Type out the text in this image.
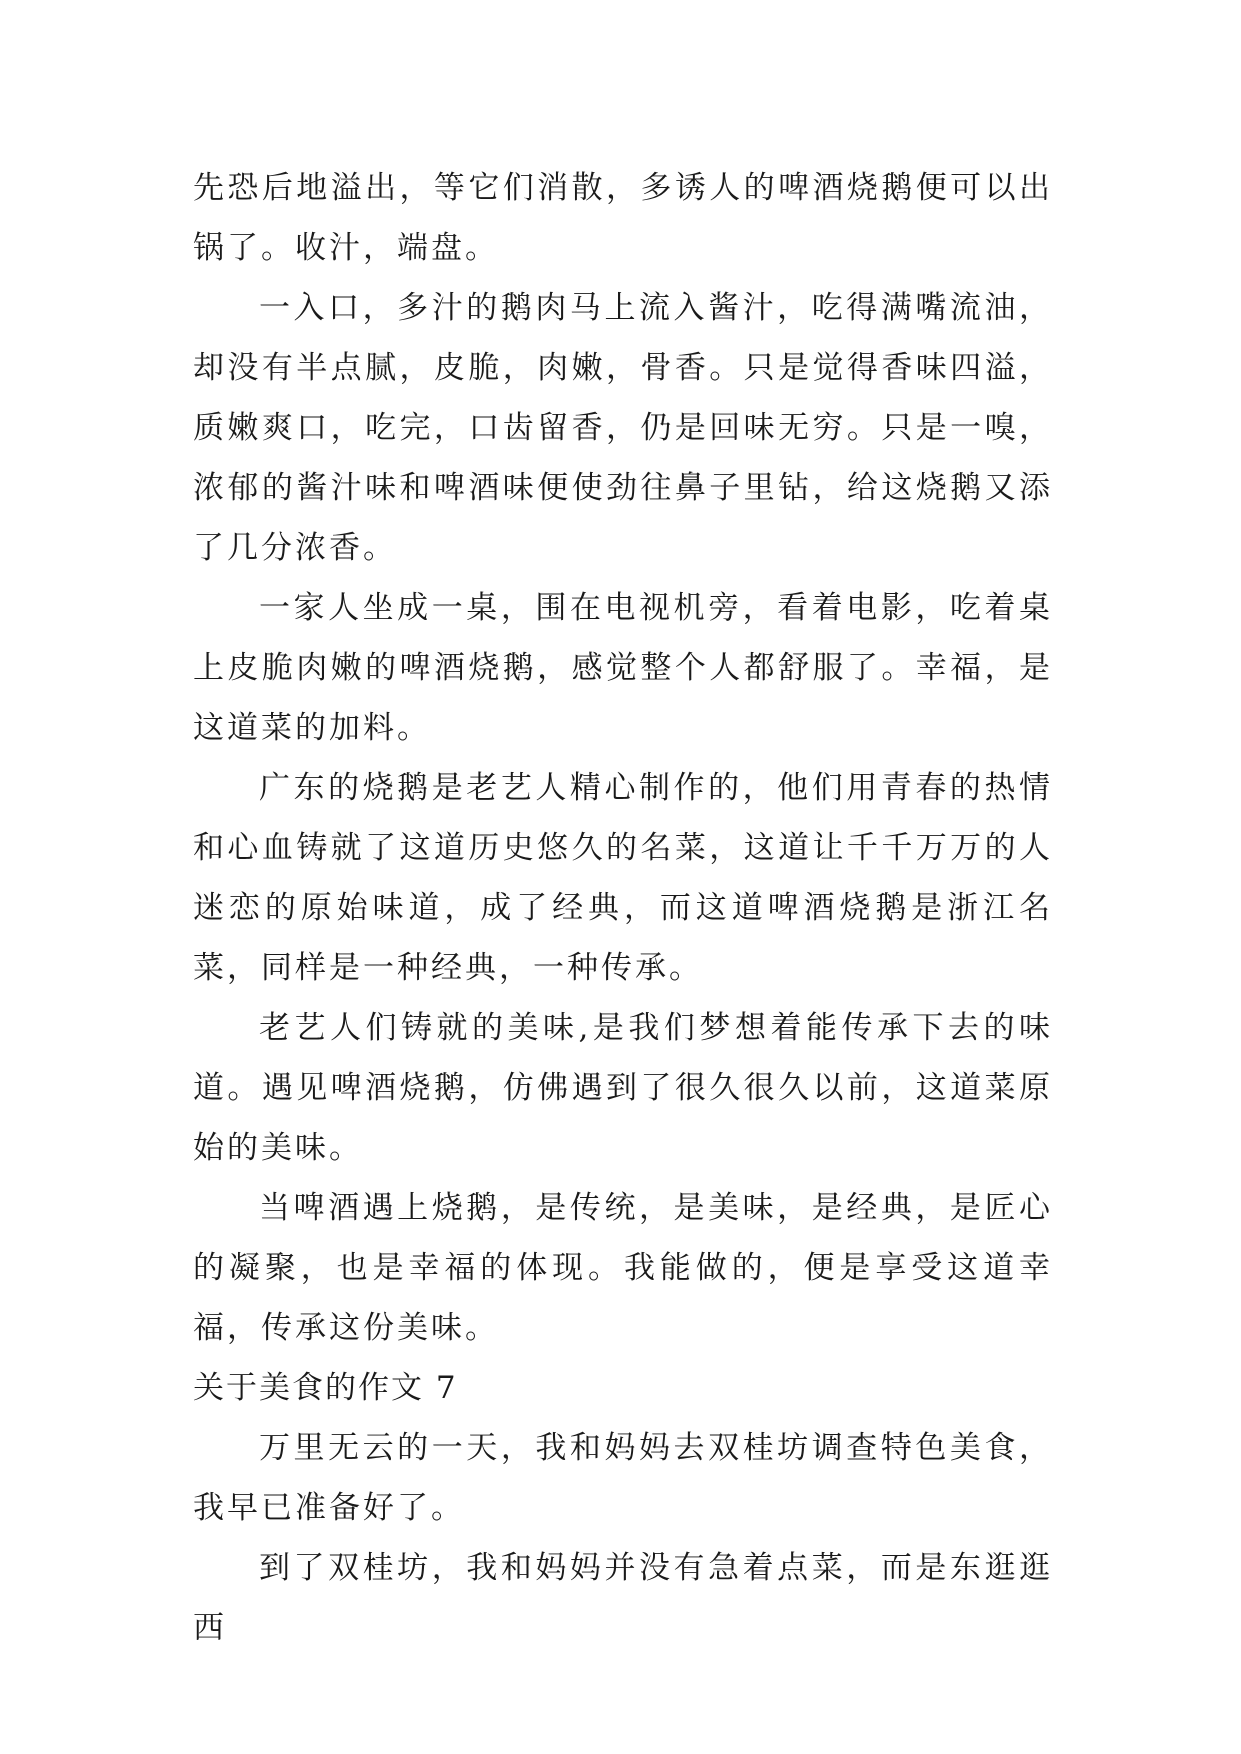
先恐后地溢出，等它们消散，多诱人的啤酒烧鹅便可以出锅了。收汁，端盘。

一入口，多汁的鹅肉马上流入酱汁，吃得满嘴流油，却没有半点腻，皮脆，肉嫩，骨香。只是觉得香味四溢，质嫩爽口，吃完，口齿留香，仍是回味无穷。只是一嗅，浓郁的酱汁味和啤酒味便使劲往鼻子里钻，给这烧鹅又添了几分浓香。

一家人坐成一桌，围在电视机旁，看着电影，吃着桌上皮脆肉嫩的啤酒烧鹅，感觉整个人都舒服了。幸福，是这道菜的加料。

广东的烧鹅是老艺人精心制作的，他们用青春的热情和心血铸就了这道历史悠久的名菜，这道让千千万万的人迷恋的原始味道，成了经典，而这道啤酒烧鹅是浙江名菜，同样是一种经典，一种传承。

老艺人们铸就的美味,是我们梦想着能传承下去的味道。遇见啤酒烧鹅，仿佛遇到了很久很久以前，这道菜原始的美味。

当啤酒遇上烧鹅，是传统，是美味，是经典，是匠心的凝聚，也是幸福的体现。我能做的，便是享受这道幸福，传承这份美味。

关于美食的作文 7

万里无云的一天，我和妈妈去双桂坊调查特色美食，我早已准备好了。

到了双桂坊，我和妈妈并没有急着点菜，而是东逛逛西
